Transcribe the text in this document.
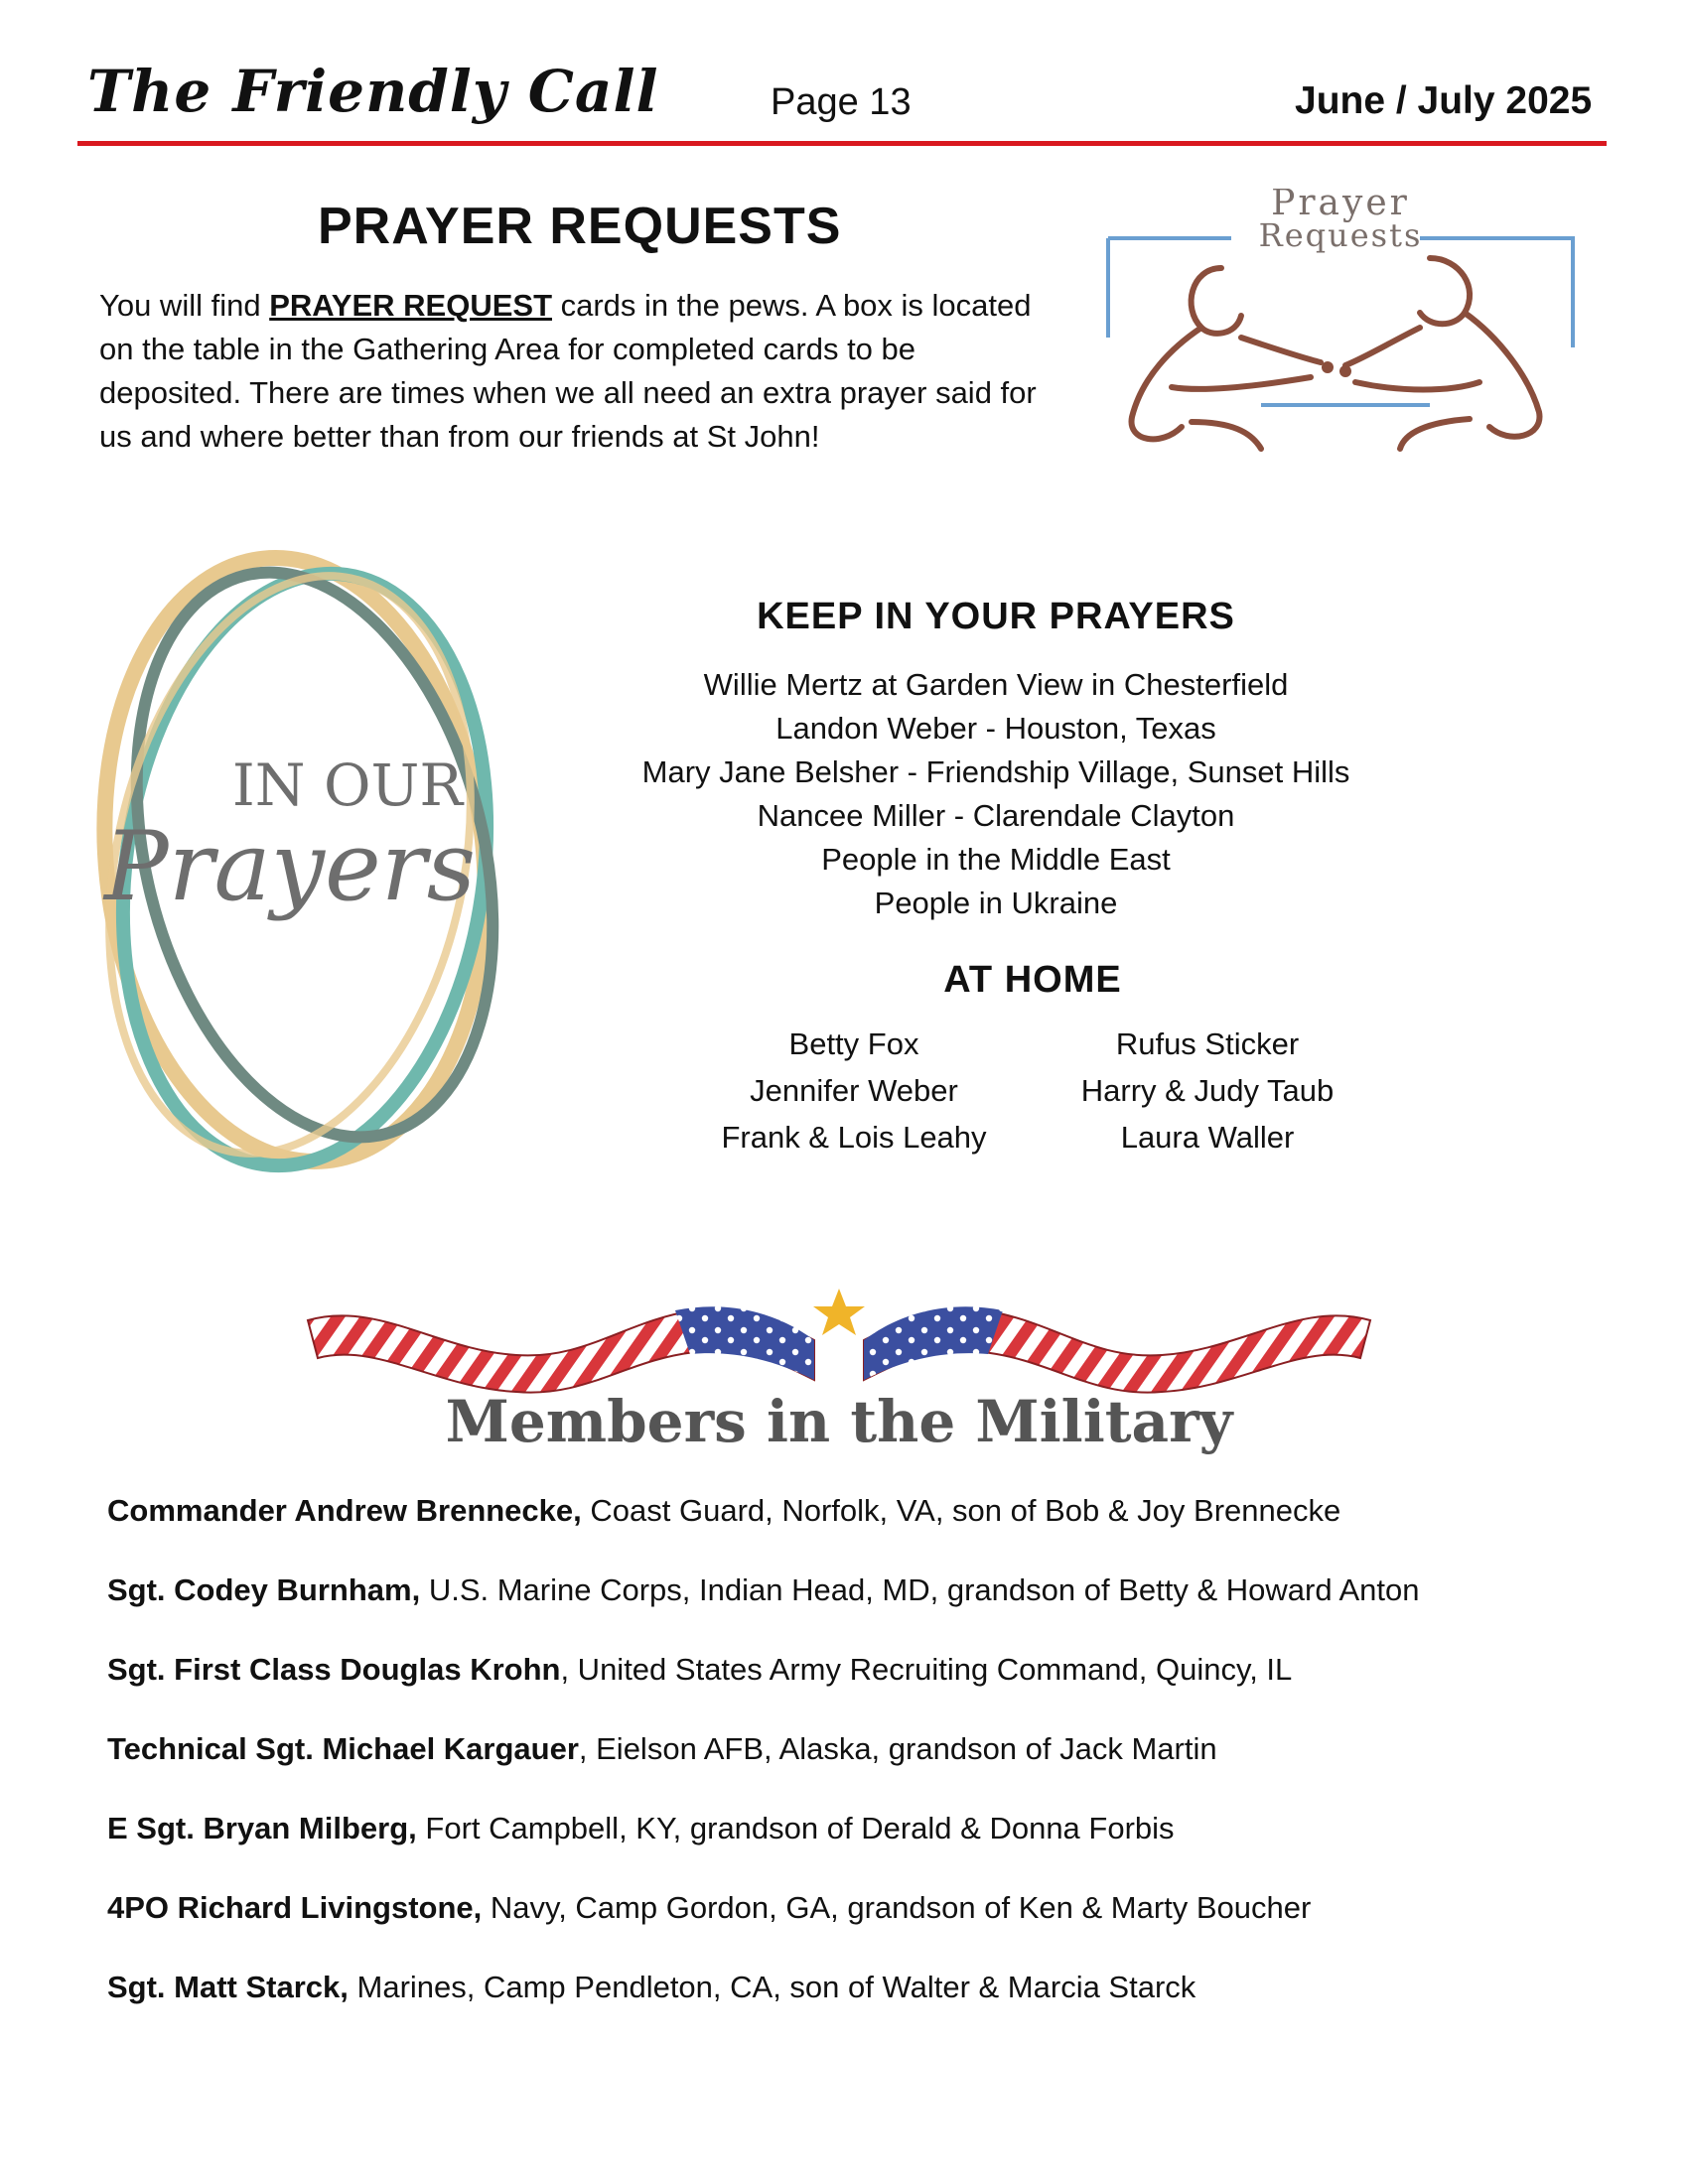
The Friendly Call	Page 13	June / July 2025
PRAYER REQUESTS
You will find PRAYER REQUEST cards in the pews. A box is located on the table in the Gathering Area for completed cards to be deposited. There are times when we all need an extra prayer said for us and where better than from our friends at St John!
Prayer
Requests
IN OUR
Prayers
KEEP IN YOUR PRAYERS
Willie Mertz at Garden View in Chesterfield
Landon Weber - Houston, Texas
Mary Jane Belsher - Friendship Village, Sunset Hills
Nancee Miller - Clarendale Clayton
People in the Middle East
People in Ukraine
AT HOME
Betty Fox
Jennifer Weber
Frank & Lois Leahy
Rufus Sticker
Harry & Judy Taub
Laura Waller
Members in the Military
Commander Andrew Brennecke, Coast Guard, Norfolk, VA, son of Bob & Joy Brennecke
Sgt. Codey Burnham, U.S. Marine Corps, Indian Head, MD, grandson of Betty & Howard Anton
Sgt. First Class Douglas Krohn, United States Army Recruiting Command, Quincy, IL
Technical Sgt. Michael Kargauer, Eielson AFB, Alaska, grandson of Jack Martin
E Sgt. Bryan Milberg, Fort Campbell, KY, grandson of Derald & Donna Forbis
4PO Richard Livingstone, Navy, Camp Gordon, GA, grandson of Ken & Marty Boucher
Sgt. Matt Starck, Marines, Camp Pendleton, CA, son of Walter & Marcia Starck
